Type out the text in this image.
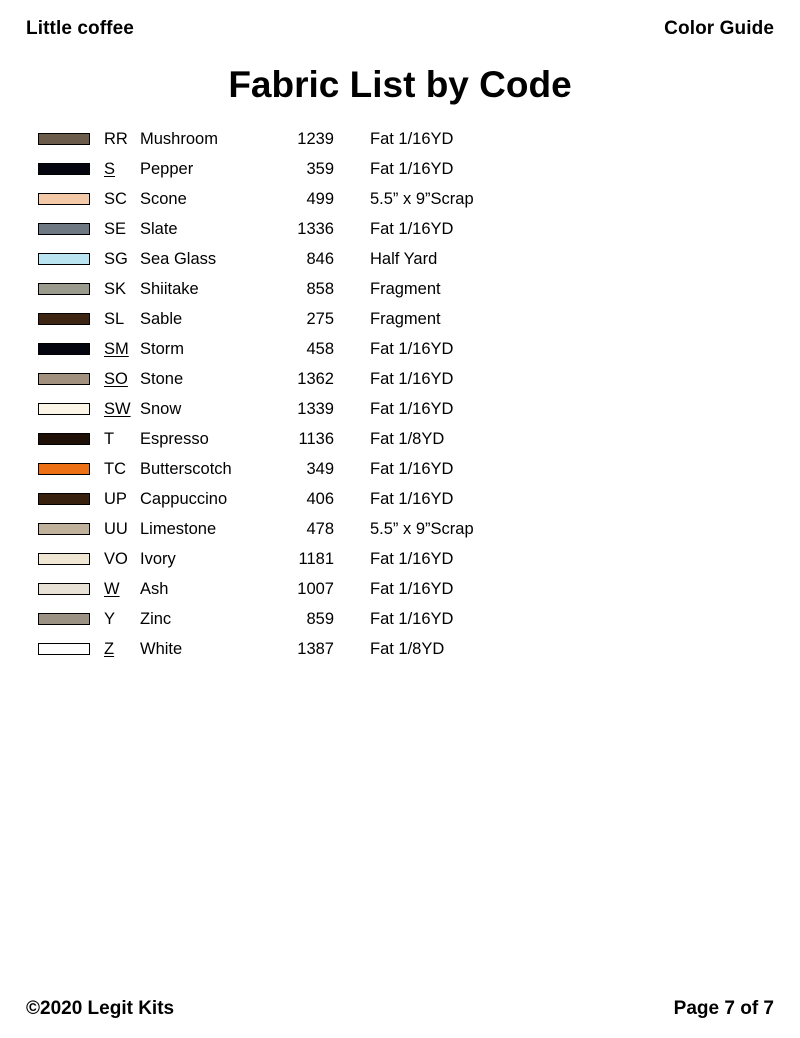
Little coffee	Color Guide
Fabric List by Code
	RR	Mushroom	1239	Fat 1/16YD

	S	Pepper	359	Fat 1/16YD

	SC	Scone	499	5.5” x 9”Scrap

	SE	Slate	1336	Fat 1/16YD

	SG	Sea Glass	846	Half Yard

	SK	Shiitake	858	Fragment

	SL	Sable	275	Fragment

	SM	Storm	458	Fat 1/16YD

	SO	Stone	1362	Fat 1/16YD

	SW	Snow	1339	Fat 1/16YD

	T	Espresso	1136	Fat 1/8YD

	TC	Butterscotch	349	Fat 1/16YD

	UP	Cappuccino	406	Fat 1/16YD

	UU	Limestone	478	5.5” x 9”Scrap

	VO	Ivory	1181	Fat 1/16YD

	W	Ash	1007	Fat 1/16YD

	Y	Zinc	859	Fat 1/16YD

	Z	White	1387	Fat 1/8YD
©2020 Legit Kits	Page 7 of 7
